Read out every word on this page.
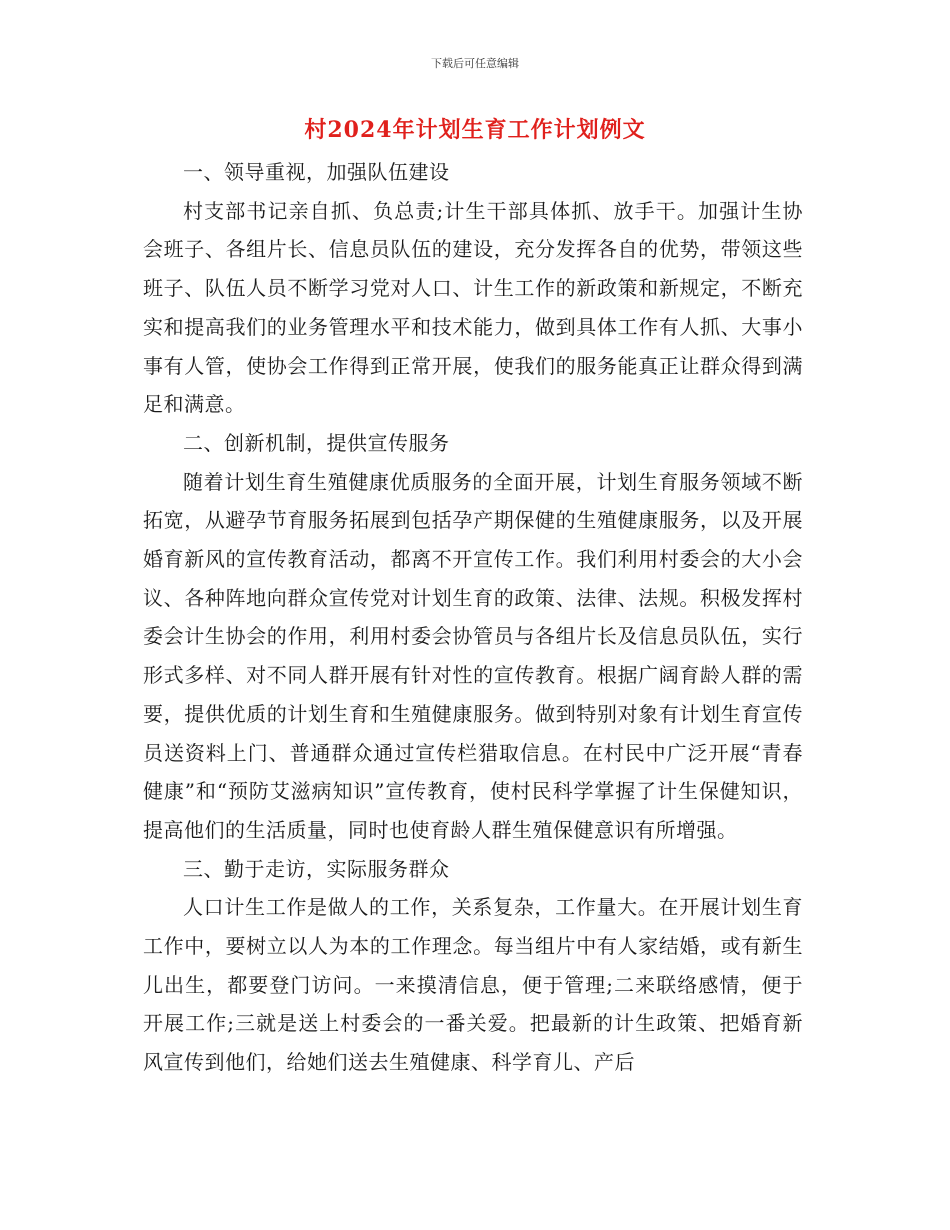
下载后可任意编辑
村2024年计划生育工作计划例文

一、领导重视，加强队伍建设

村支部书记亲自抓、负总责;计生干部具体抓、放手干。加强计生协会班子、各组片长、信息员队伍的建设，充分发挥各自的优势，带领这些班子、队伍人员不断学习党对人口、计生工作的新政策和新规定，不断充实和提高我们的业务管理水平和技术能力，做到具体工作有人抓、大事小事有人管，使协会工作得到正常开展，使我们的服务能真正让群众得到满足和满意。

二、创新机制，提供宣传服务

随着计划生育生殖健康优质服务的全面开展，计划生育服务领域不断拓宽，从避孕节育服务拓展到包括孕产期保健的生殖健康服务，以及开展婚育新风的宣传教育活动，都离不开宣传工作。我们利用村委会的大小会议、各种阵地向群众宣传党对计划生育的政策、法律、法规。积极发挥村委会计生协会的作用，利用村委会协管员与各组片长及信息员队伍，实行形式多样、对不同人群开展有针对性的宣传教育。根据广阔育龄人群的需要，提供优质的计划生育和生殖健康服务。做到特别对象有计划生育宣传员送资料上门、普通群众通过宣传栏猎取信息。在村民中广泛开展“青春健康”和“预防艾滋病知识”宣传教育，使村民科学掌握了计生保健知识，提高他们的生活质量，同时也使育龄人群生殖保健意识有所增强。

三、勤于走访，实际服务群众

人口计生工作是做人的工作，关系复杂，工作量大。在开展计划生育工作中，要树立以人为本的工作理念。每当组片中有人家结婚，或有新生儿出生，都要登门访问。一来摸清信息，便于管理;二来联络感情，便于开展工作;三就是送上村委会的一番关爱。把最新的计生政策、把婚育新风宣传到他们，给她们送去生殖健康、科学育儿、产后
